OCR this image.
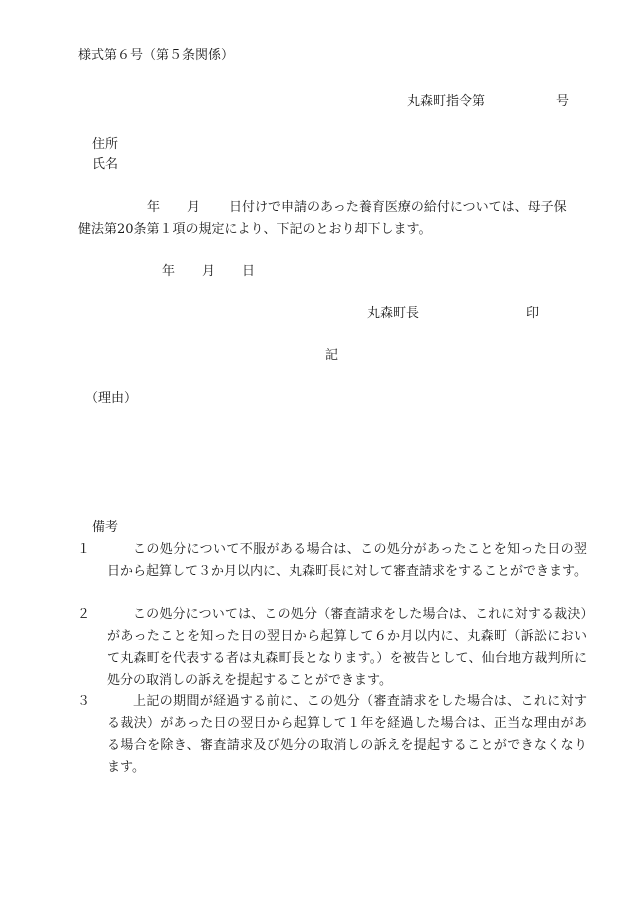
様式第６号（第５条関係）
丸森町指令第	号
住所
氏名
年 月 日付けで申請のあった養育医療の給付については、母子保
健法第20条第１項の規定により、下記のとおり却下します。
年 月 日
丸森町長	印
記
（理由）
備考
１	この処分について不服がある場合は、この処分があったことを知った日の翌日から起算して３か月以内に、丸森町長に対して審査請求をすることができます。
２	この処分については、この処分（審査請求をした場合は、これに対する裁決）があったことを知った日の翌日から起算して６か月以内に、丸森町（訴訟において丸森町を代表する者は丸森町長となります。）を被告として、仙台地方裁判所に処分の取消しの訴えを提起することができます。
３	上記の期間が経過する前に、この処分（審査請求をした場合は、これに対する裁決）があった日の翌日から起算して１年を経過した場合は、正当な理由がある場合を除き、審査請求及び処分の取消しの訴えを提起することができなくなります。
